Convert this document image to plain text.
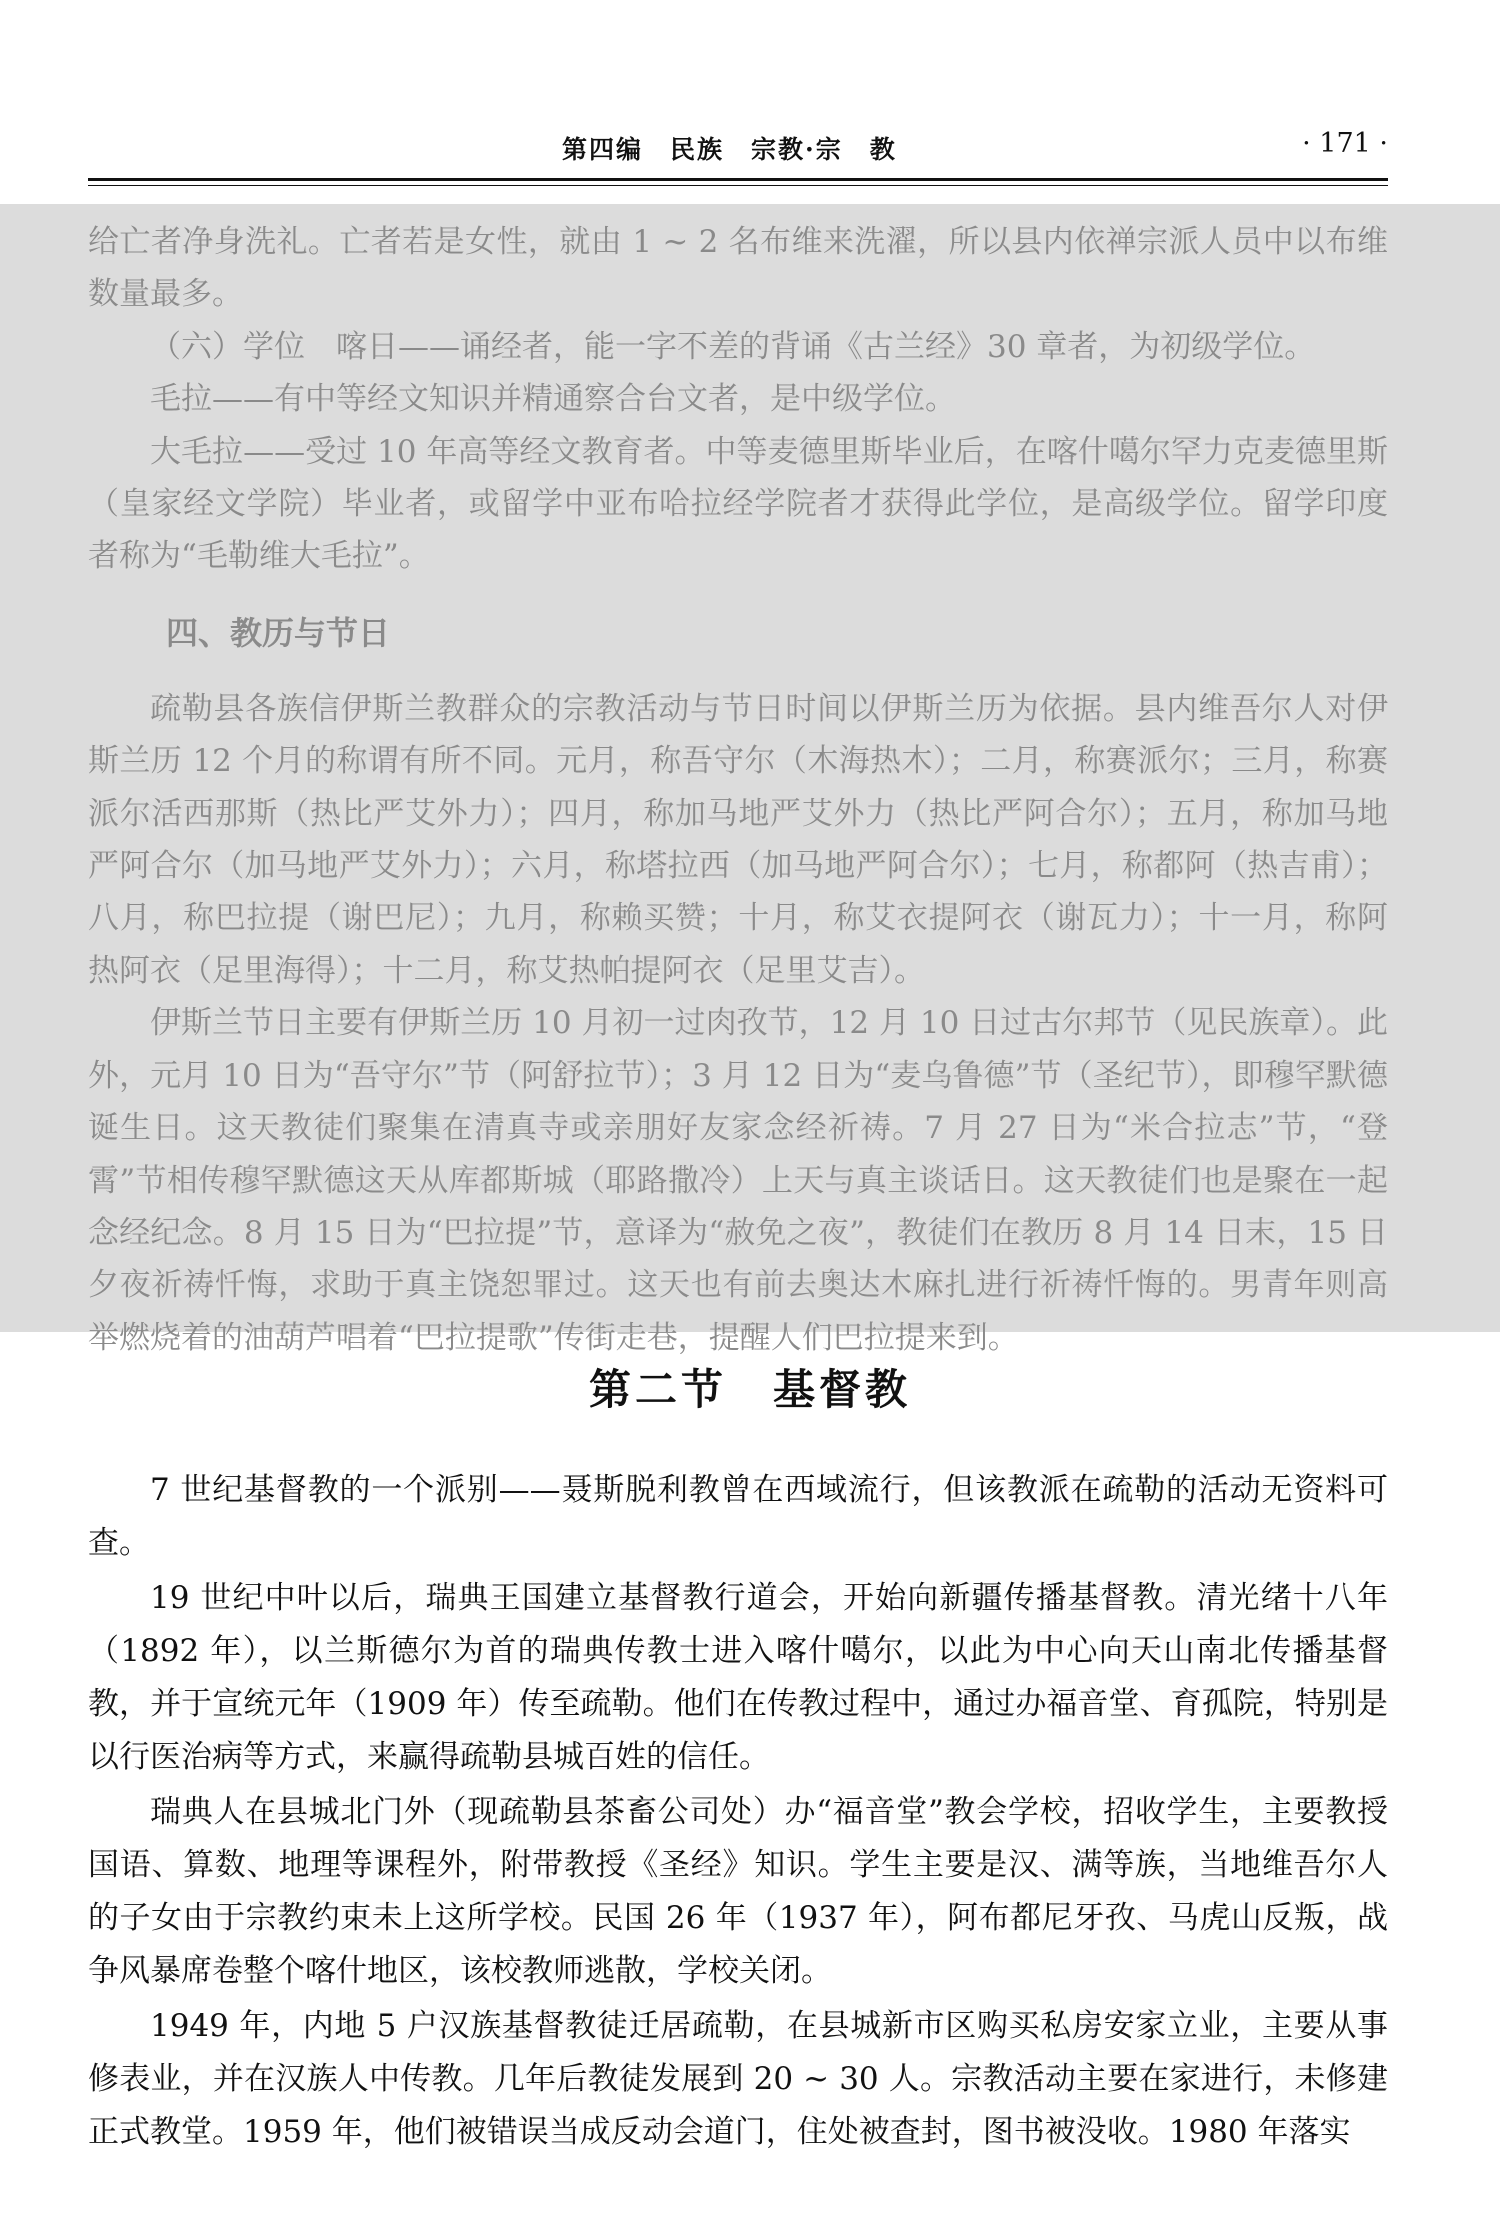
第四编　民族　宗教·宗　教	· 171 ·

给亡者净身洗礼。亡者若是女性，就由 1 ~ 2 名布维来洗濯，所以县内依禅宗派人员中以布维数量最多。

（六）学位　喀日——诵经者，能一字不差的背诵《古兰经》30 章者，为初级学位。

毛拉——有中等经文知识并精通察合台文者，是中级学位。

大毛拉——受过 10 年高等经文教育者。中等麦德里斯毕业后，在喀什噶尔罕力克麦德里斯（皇家经文学院）毕业者，或留学中亚布哈拉经学院者才获得此学位，是高级学位。留学印度者称为“毛勒维大毛拉”。

四、教历与节日

疏勒县各族信伊斯兰教群众的宗教活动与节日时间以伊斯兰历为依据。县内维吾尔人对伊斯兰历 12 个月的称谓有所不同。元月，称吾守尔（木海热木）；二月，称赛派尔；三月，称赛派尔活西那斯（热比严艾外力）；四月，称加马地严艾外力（热比严阿合尔）；五月，称加马地严阿合尔（加马地严艾外力）；六月，称塔拉西（加马地严阿合尔）；七月，称都阿（热吉甫）；八月，称巴拉提（谢巴尼）；九月，称赖买赞；十月，称艾衣提阿衣（谢瓦力）；十一月，称阿热阿衣（足里海得）；十二月，称艾热帕提阿衣（足里艾吉）。

伊斯兰节日主要有伊斯兰历 10 月初一过肉孜节，12 月 10 日过古尔邦节（见民族章）。此外，元月 10 日为“吾守尔”节（阿舒拉节）；3 月 12 日为“麦乌鲁德”节（圣纪节），即穆罕默德诞生日。这天教徒们聚集在清真寺或亲朋好友家念经祈祷。7 月 27 日为“米合拉志”节，“登霄”节相传穆罕默德这天从库都斯城（耶路撒冷）上天与真主谈话日。这天教徒们也是聚在一起念经纪念。8 月 15 日为“巴拉提”节，意译为“赦免之夜”，教徒们在教历 8 月 14 日末，15 日夕夜祈祷忏悔，求助于真主饶恕罪过。这天也有前去奥达木麻扎进行祈祷忏悔的。男青年则高举燃烧着的油葫芦唱着“巴拉提歌”传街走巷，提醒人们巴拉提来到。

第二节　基督教

7 世纪基督教的一个派别——聂斯脱利教曾在西域流行，但该教派在疏勒的活动无资料可查。

19 世纪中叶以后，瑞典王国建立基督教行道会，开始向新疆传播基督教。清光绪十八年（1892 年），以兰斯德尔为首的瑞典传教士进入喀什噶尔，以此为中心向天山南北传播基督教，并于宣统元年（1909 年）传至疏勒。他们在传教过程中，通过办福音堂、育孤院，特别是以行医治病等方式，来赢得疏勒县城百姓的信任。

瑞典人在县城北门外（现疏勒县茶畜公司处）办“福音堂”教会学校，招收学生，主要教授国语、算数、地理等课程外，附带教授《圣经》知识。学生主要是汉、满等族，当地维吾尔人的子女由于宗教约束未上这所学校。民国 26 年（1937 年），阿布都尼牙孜、马虎山反叛，战争风暴席卷整个喀什地区，该校教师逃散，学校关闭。

1949 年，内地 5 户汉族基督教徒迁居疏勒，在县城新市区购买私房安家立业，主要从事修表业，并在汉族人中传教。几年后教徒发展到 20 ~ 30 人。宗教活动主要在家进行，未修建正式教堂。1959 年，他们被错误当成反动会道门，住处被查封，图书被没收。1980 年落实
